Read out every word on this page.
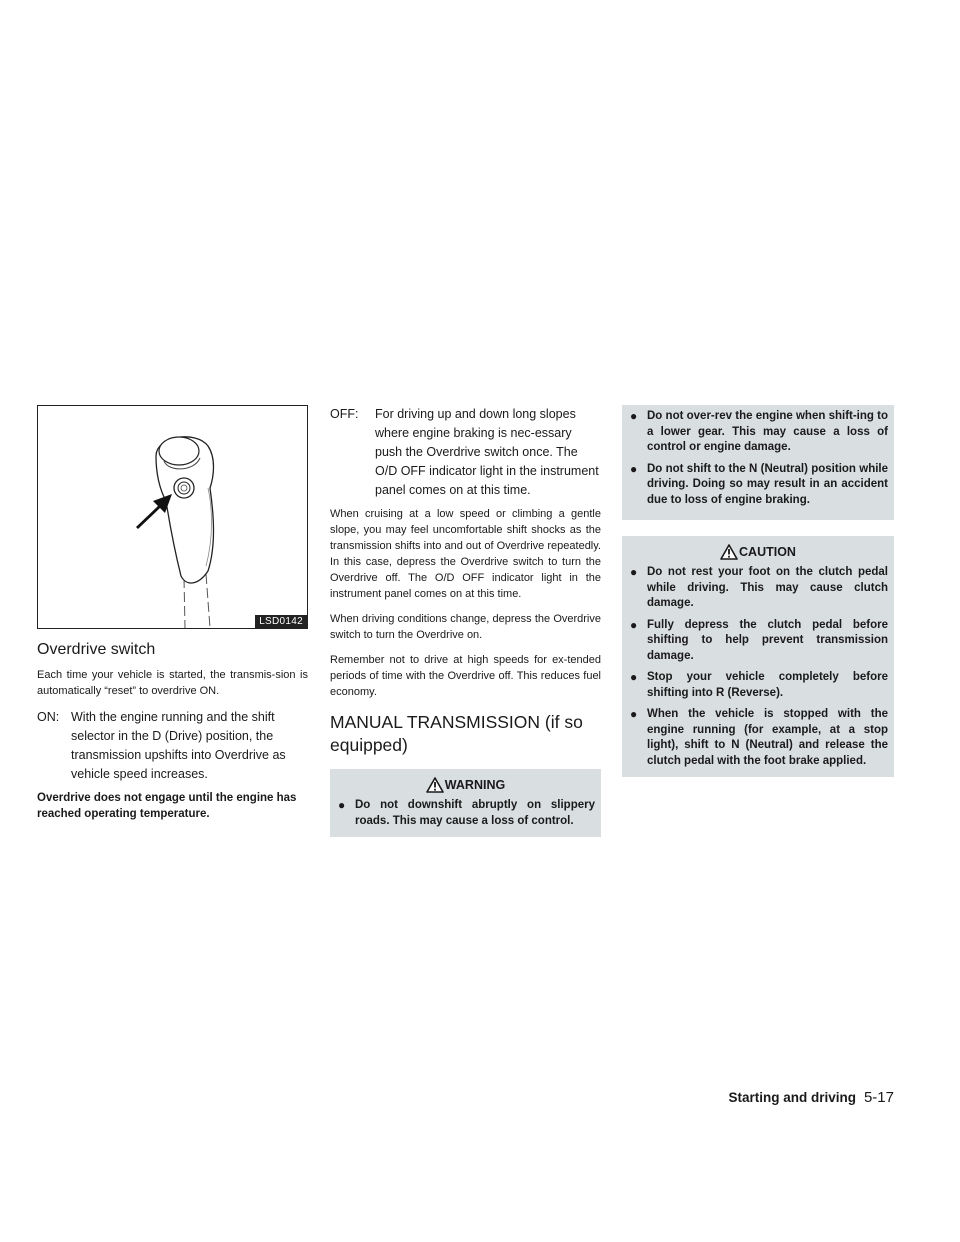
LSD0142
Overdrive switch

Each time your vehicle is started, the transmis-sion is automatically “reset” to overdrive ON.

ON: With the engine running and the shift selector in the D (Drive) position, the transmission upshifts into Overdrive as vehicle speed increases.

Overdrive does not engage until the engine has reached operating temperature.

OFF:	For driving up and down long slopes where engine braking is nec-essary push the Overdrive switch once. The O/D OFF indicator light in the instrument panel comes on at this time.

When cruising at a low speed or climbing a gentle slope, you may feel uncomfortable shift shocks as the transmission shifts into and out of Overdrive repeatedly. In this case, depress the Overdrive switch to turn the Overdrive off. The O/D OFF indicator light in the instrument panel comes on at this time.

When driving conditions change, depress the Overdrive switch to turn the Overdrive on.

Remember not to drive at high speeds for ex-tended periods of time with the Overdrive off. This reduces fuel economy.

MANUAL TRANSMISSION (if so equipped)
WARNING
● Do not downshift abruptly on slippery roads. This may cause a loss of control.
● Do not over-rev the engine when shift-ing to a lower gear. This may cause a loss of control or engine damage.
● Do not shift to the N (Neutral) position while driving. Doing so may result in an accident due to loss of engine braking.
CAUTION
● Do not rest your foot on the clutch pedal while driving. This may cause clutch damage.
● Fully depress the clutch pedal before shifting to help prevent transmission damage.
● Stop your vehicle completely before shifting into R (Reverse).
● When the vehicle is stopped with the engine running (for example, at a stop light), shift to N (Neutral) and release the clutch pedal with the foot brake applied.
Starting and driving 5-17
